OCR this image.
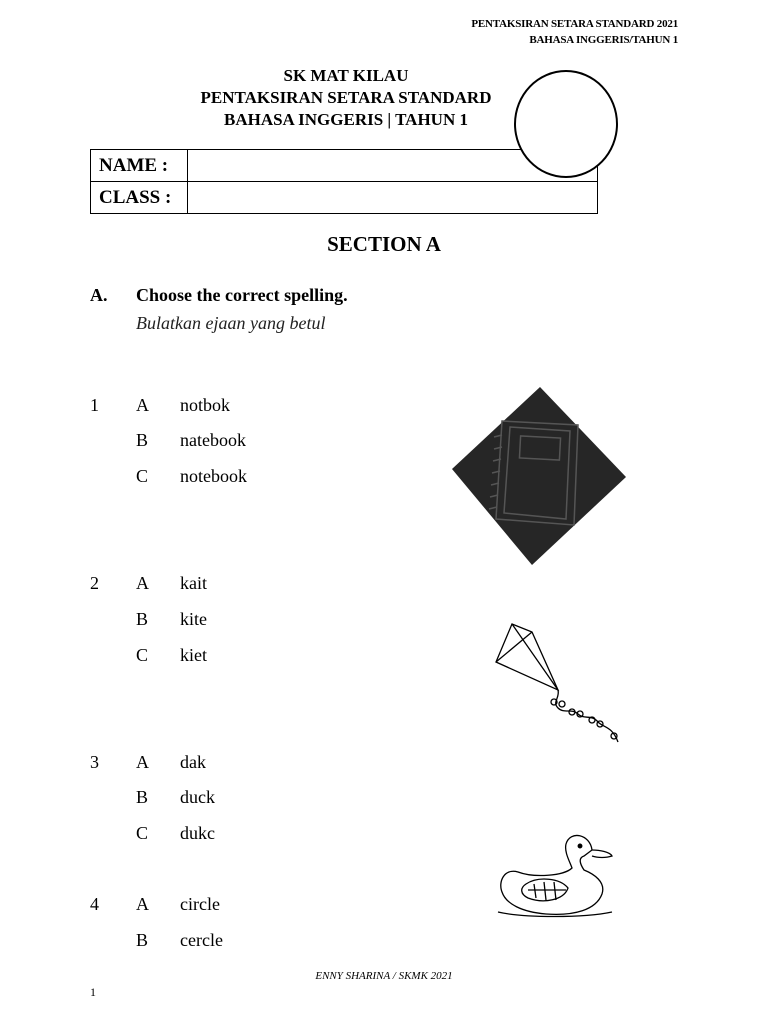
PENTAKSIRAN SETARA STANDARD 2021
BAHASA INGGERIS/TAHUN 1
SK MAT KILAU
PENTAKSIRAN SETARA STANDARD
BAHASA INGGERIS | TAHUN 1
NAME :	
CLASS :	
SECTION A
A. Choose the correct spelling.
Bulatkan ejaan yang betul
1 A notbok
B natebook
C notebook
2 A kait
B kite
C kiet
3 A dak
B duck
C dukc
4 A circle
B cercle
ENNY SHARINA / SKMK 2021
1
